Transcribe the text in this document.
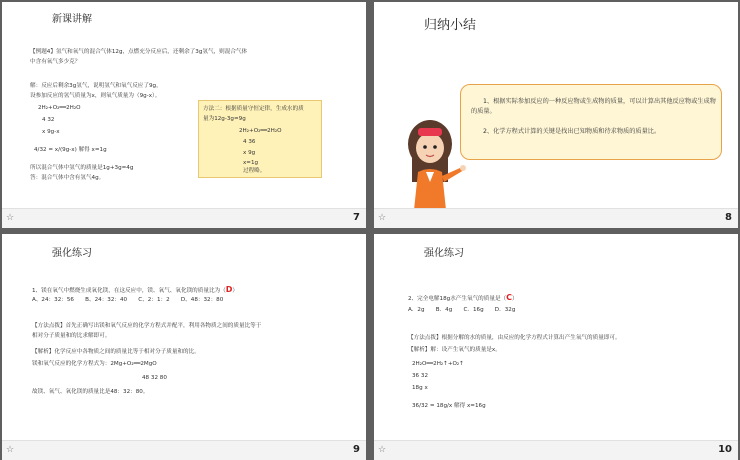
新课讲解
【例题4】氢气和氧气的混合气体12g，点燃充分反应后，还剩余了3g氢气，则混合气体
中含有氧气多少克？
解：反应后剩余3g氢气，说明氢气和氧气反应了9g，
设参加反应的氢气质量为x，则氧气质量为（9g-x）。
2H₂+O₂══2H₂O
4 32
x 9g-x
4/32 = x/(9g-x) 解得 x=1g
所以混合气体中氢气的质量是1g+3g=4g
答：混合气体中含有氢气4g。
方法二：根据质量守恒定律，生成水的质
量为12g-3g=9g
2H₂+O₂══2H₂O
4 36
x 9g
x=1g
过程略。
☆	7
归纳小结
1、根据实际参加反应的一种反应物或生成物的质量，可以计算出其他反应物或生成物的质量。
2、化学方程式计算的关键是找出已知物质和待求物质的质量比。
☆	8
强化练习
1、镁在氧气中燃烧生成氧化镁，在这反应中，镁、氧气、氧化镁的质量比为（D）
A、24：32：56　　B、24：32：40　　C、2：1：2　　D、48：32：80
【方法点拨】首先正确写出镁和氧气反应的化学方程式并配平，利用各物质之间的质量比等于
相对分子质量和的比求解即可。
【解析】化学反应中各物质之间的质量比等于相对分子质量和的比。
镁和氧气反应的化学方程式为：2Mg+O₂══2MgO
48 32 80
故镁、氧气、氧化镁的质量比是48：32：80。
☆	9
强化练习
2、完全电解18g水产生氧气的质量是（C）
A．2g　　B．4g　　C．16g　　D．32g
【方法点拨】根据分解的水的质量，由反应的化学方程式计算出产生氧气的质量即可。
【解析】解：设产生氧气的质量是x。
2H₂O══2H₂↑+O₂↑
36 32
18g x
36/32 = 18g/x 解得 x=16g
☆	10
